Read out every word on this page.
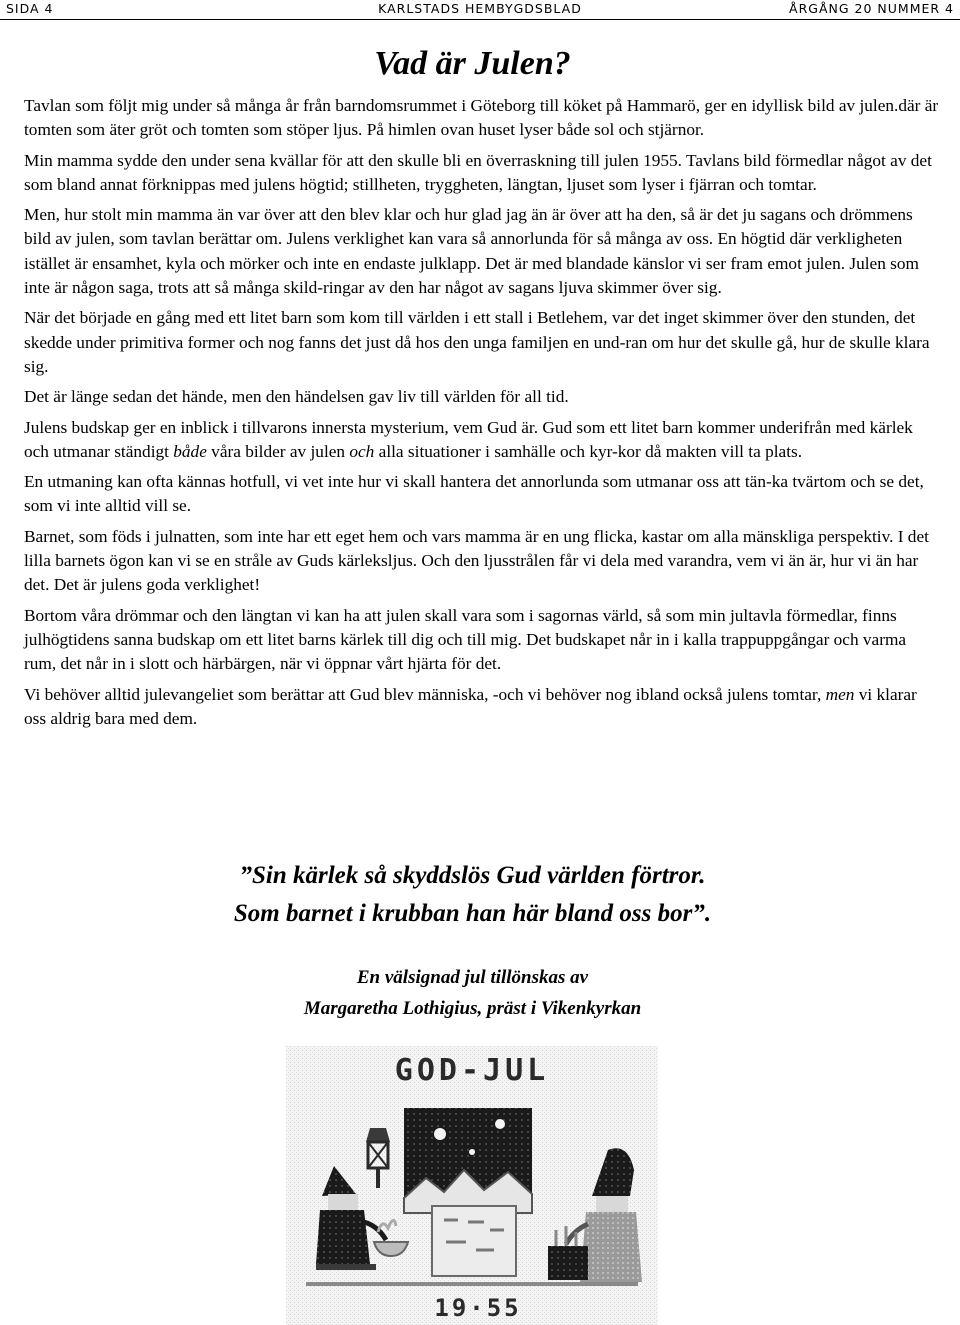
SIDA 4	KARLSTADS HEMBYGDSBLAD	ÅRGÅNG 20 NUMMER 4
Vad är Julen?

Tavlan som följt mig under så många år från barndomsrummet i Göteborg till köket på Hammarö, ger en idyllisk bild av julen.där är tomten som äter gröt och tomten som stöper ljus. På himlen ovan huset lyser både sol och stjärnor.

Min mamma sydde den under sena kvällar för att den skulle bli en överraskning till julen 1955. Tavlans bild förmedlar något av det som bland annat förknippas med julens högtid; stillheten, tryggheten, längtan, ljuset som lyser i fjärran och tomtar.

Men, hur stolt min mamma än var över att den blev klar och hur glad jag än är över att ha den, så är det ju sagans och drömmens bild av julen, som tavlan berättar om. Julens verklighet kan vara så annorlunda för så många av oss. En högtid där verkligheten istället är ensamhet, kyla och mörker och inte en endaste julklapp. Det är med blandade känslor vi ser fram emot julen. Julen som inte är någon saga, trots att så många skild-ringar av den har något av sagans ljuva skimmer över sig.

När det började en gång med ett litet barn som kom till världen i ett stall i Betlehem, var det inget skimmer över den stunden, det skedde under primitiva former och nog fanns det just då hos den unga familjen en und-ran om hur det skulle gå, hur de skulle klara sig.

Det är länge sedan det hände, men den händelsen gav liv till världen för all tid.

Julens budskap ger en inblick i tillvarons innersta mysterium, vem Gud är. Gud som ett litet barn kommer underifrån med kärlek och utmanar ständigt både våra bilder av julen och alla situationer i samhälle och kyr-kor då makten vill ta plats.

En utmaning kan ofta kännas hotfull, vi vet inte hur vi skall hantera det annorlunda som utmanar oss att tän-ka tvärtom och se det, som vi inte alltid vill se.

Barnet, som föds i julnatten, som inte har ett eget hem och vars mamma är en ung flicka, kastar om alla mänskliga perspektiv. I det lilla barnets ögon kan vi se en stråle av Guds kärleksljus. Och den ljusstrålen får vi dela med varandra, vem vi än är, hur vi än har det. Det är julens goda verklighet!

Bortom våra drömmar och den längtan vi kan ha att julen skall vara som i sagornas värld, så som min jultavla förmedlar, finns julhögtidens sanna budskap om ett litet barns kärlek till dig och till mig. Det budskapet når in i kalla trappuppgångar och varma rum, det når in i slott och härbärgen, när vi öppnar vårt hjärta för det.

Vi behöver alltid julevangeliet som berättar att Gud blev människa, -och vi behöver nog ibland också julens tomtar, men vi klarar oss aldrig bara med dem.

”Sin kärlek så skyddslös Gud världen förtror.
Som barnet i krubban han här bland oss bor”.
En välsignad jul tillönskas av
Margaretha Lothigius, präst i Vikenkyrkan
GOD-JUL
19·55
